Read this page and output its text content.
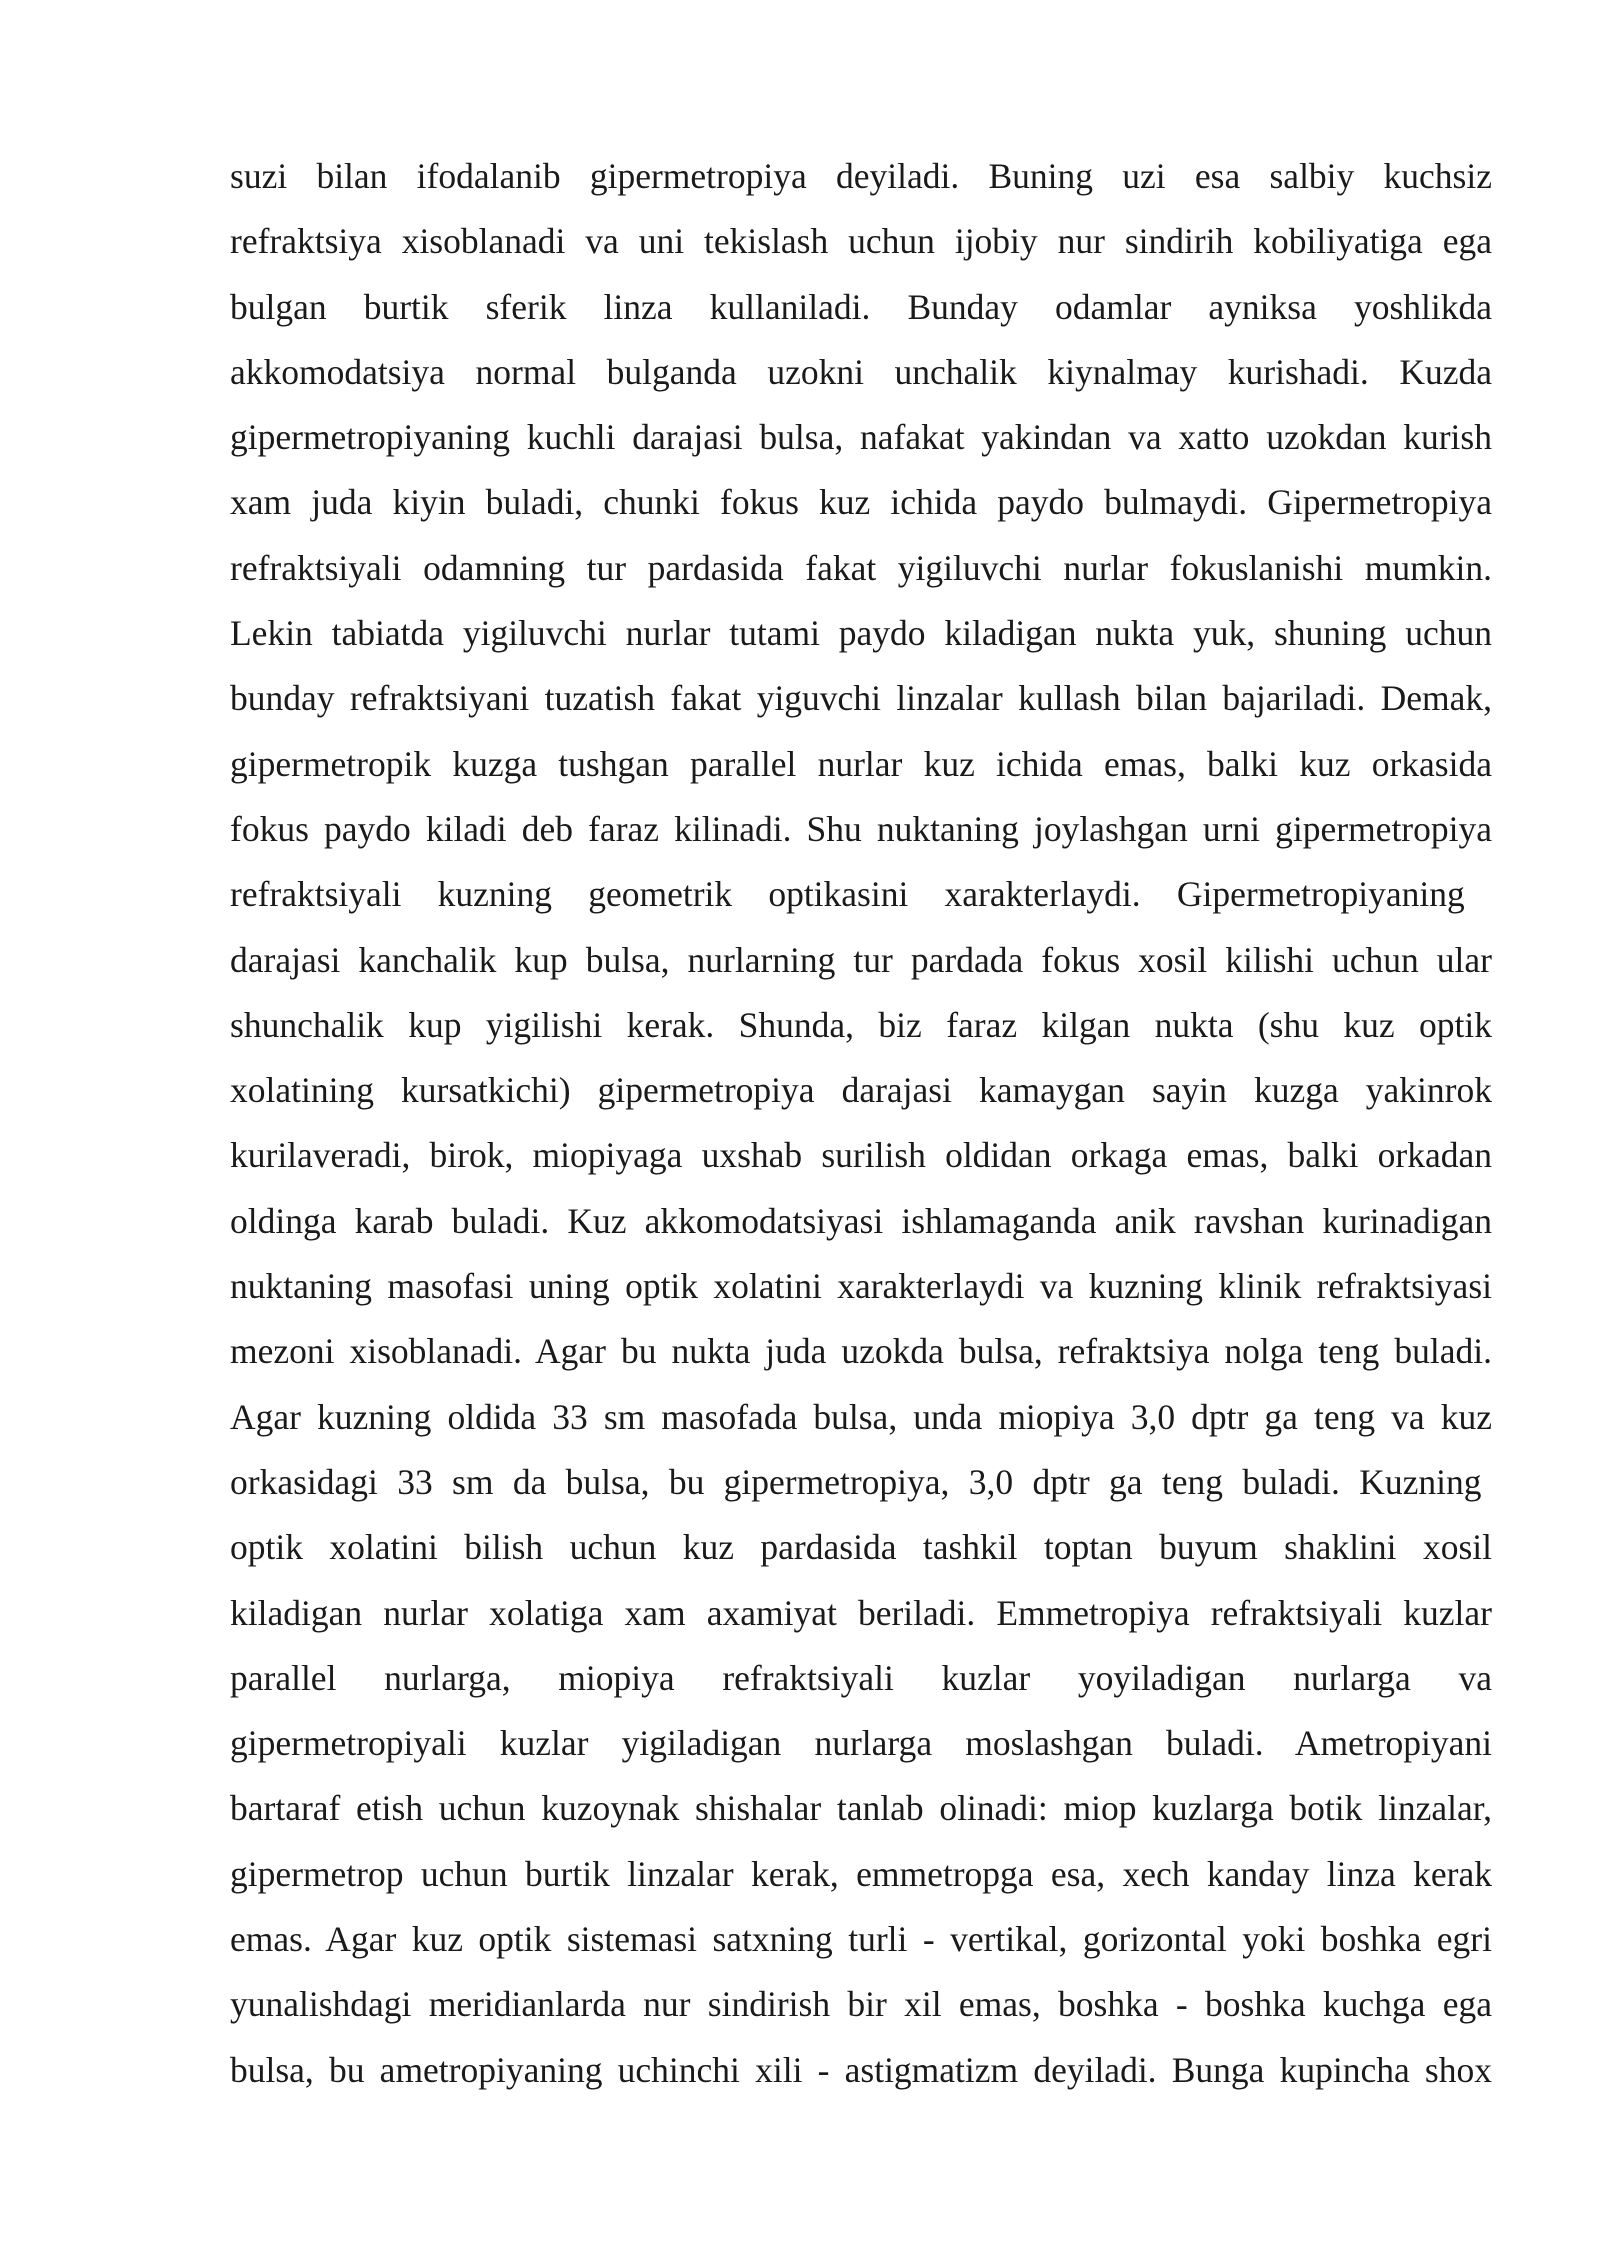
suzi bilan ifodalanib gipermetropiya deyiladi. Buning uzi esa salbiy kuchsiz
refraktsiya xisoblanadi va uni tekislash uchun ijobiy nur sindirih kobiliyatiga ega
bulgan burtik sferik linza kullaniladi. Bunday odamlar ayniksa yoshlikda
akkomodatsiya normal bulganda uzokni unchalik kiynalmay kurishadi. Kuzda
gipermetropiyaning kuchli darajasi bulsa, nafakat yakindan va xatto uzokdan kurish
xam juda kiyin buladi, chunki fokus kuz ichida paydo bulmaydi. Gipermetropiya
refraktsiyali odamning tur pardasida fakat yigiluvchi nurlar fokuslanishi mumkin.
Lekin tabiatda yigiluvchi nurlar tutami paydo kiladigan nukta yuk, shuning uchun
bunday refraktsiyani tuzatish fakat yiguvchi linzalar kullash bilan bajariladi. Demak,
gipermetropik kuzga tushgan parallel nurlar kuz ichida emas, balki kuz orkasida
fokus paydo kiladi deb faraz kilinadi. Shu nuktaning joylashgan urni gipermetropiya
refraktsiyali kuzning geometrik optikasini xarakterlaydi. Gipermetropiyaning
darajasi kanchalik kup bulsa, nurlarning tur pardada fokus xosil kilishi uchun ular
shunchalik kup yigilishi kerak. Shunda, biz faraz kilgan nukta (shu kuz optik
xolatining kursatkichi) gipermetropiya darajasi kamaygan sayin kuzga yakinrok
kurilaveradi, birok, miopiyaga uxshab surilish oldidan orkaga emas, balki orkadan
oldinga karab buladi. Kuz akkomodatsiyasi ishlamaganda anik ravshan kurinadigan
nuktaning masofasi uning optik xolatini xarakterlaydi va kuzning klinik refraktsiyasi
mezoni xisoblanadi. Agar bu nukta juda uzokda bulsa, refraktsiya nolga teng buladi.
Agar kuzning oldida 33 sm masofada bulsa, unda miopiya 3,0 dptr ga teng va kuz
orkasidagi 33 sm da bulsa, bu gipermetropiya, 3,0 dptr ga teng buladi. Kuzning
optik xolatini bilish uchun kuz pardasida tashkil toptan buyum shaklini xosil
kiladigan nurlar xolatiga xam axamiyat beriladi. Emmetropiya refraktsiyali kuzlar
parallel nurlarga, miopiya refraktsiyali kuzlar yoyiladigan nurlarga va
gipermetropiyali kuzlar yigiladigan nurlarga moslashgan buladi. Ametropiyani
bartaraf etish uchun kuzoynak shishalar tanlab olinadi: miop kuzlarga botik linzalar,
gipermetrop uchun burtik linzalar kerak, emmetropga esa, xech kanday linza kerak
emas. Agar kuz optik sistemasi satxning turli - vertikal, gorizontal yoki boshka egri
yunalishdagi meridianlarda nur sindirish bir xil emas, boshka - boshka kuchga ega
bulsa, bu ametropiyaning uchinchi xili - astigmatizm deyiladi. Bunga kupincha shox
